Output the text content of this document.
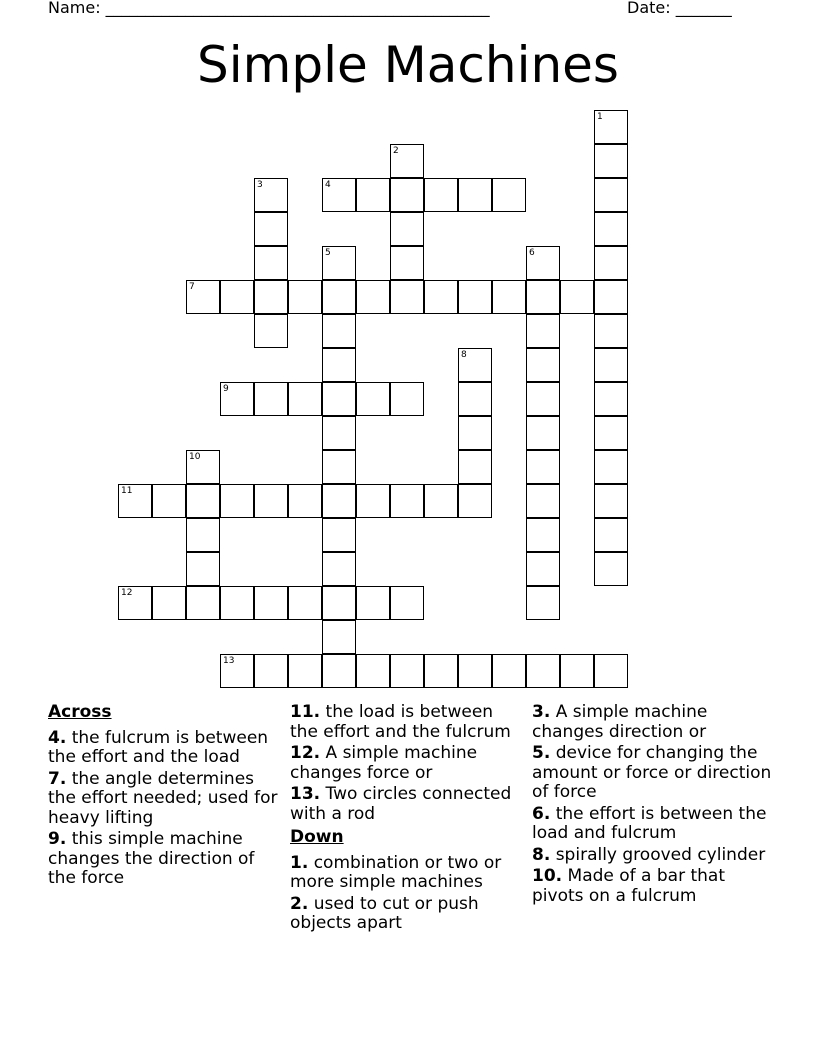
Name: ________________________________________________	Date: _______
Simple Machines
1
2
3	4
5	6
7
8
9
10
11
12
13
Across
4. the fulcrum is between the effort and the load
7. the angle determines the effort needed; used for heavy lifting
9. this simple machine changes the direction of the force
11. the load is between the effort and the fulcrum
12. A simple machine changes force or
13. Two circles connected with a rod
Down
1. combination or two or more simple machines
2. used to cut or push objects apart
3. A simple machine changes direction or
5. device for changing the amount or force or direction of force
6. the effort is between the load and fulcrum
8. spirally grooved cylinder
10. Made of a bar that pivots on a fulcrum
